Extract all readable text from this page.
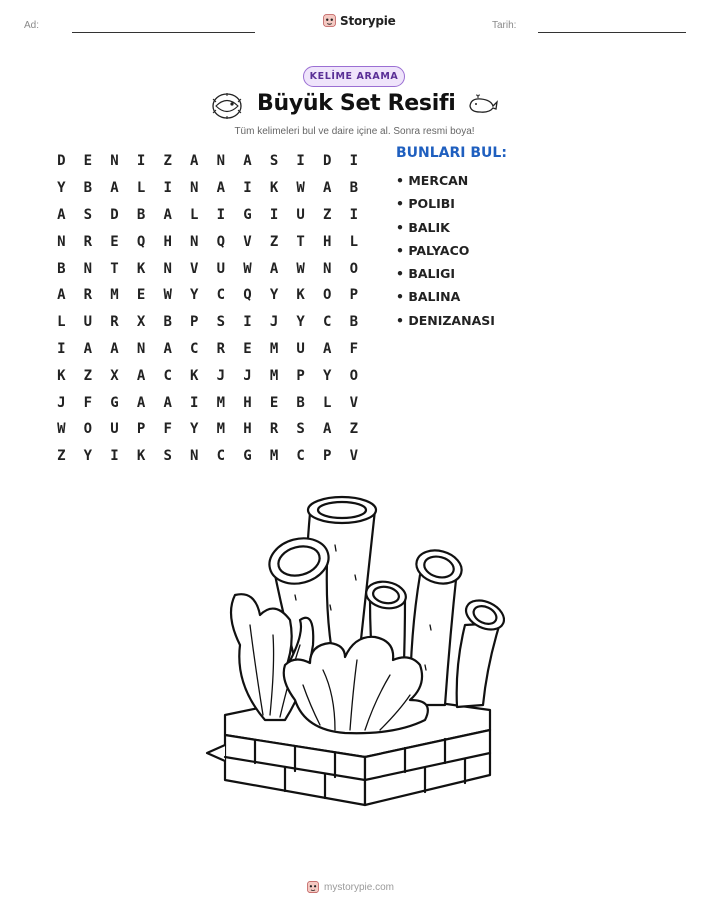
Ad:	Storypie	Tarih:
KELİME ARAMA
Büyük Set Resifi
Tüm kelimeleri bul ve daire içine al. Sonra resmi boya!
D	E	N	I	Z	A	N	A	S	I	D	I
Y	B	A	L	I	N	A	I	K	W	A	B
A	S	D	B	A	L	I	G	I	U	Z	I
N	R	E	Q	H	N	Q	V	Z	T	H	L
B	N	T	K	N	V	U	W	A	W	N	O
A	R	M	E	W	Y	C	Q	Y	K	O	P
L	U	R	X	B	P	S	I	J	Y	C	B
I	A	A	N	A	C	R	E	M	U	A	F
K	Z	X	A	C	K	J	J	M	P	Y	O
J	F	G	A	A	I	M	H	E	B	L	V
W	O	U	P	F	Y	M	H	R	S	A	Z
Z	Y	I	K	S	N	C	G	M	C	P	V
BUNLARI BUL:
• MERCAN
• POLIBI
• BALIK
• PALYACO
• BALIGI
• BALINA
• DENIZANASI
mystorypie.com
